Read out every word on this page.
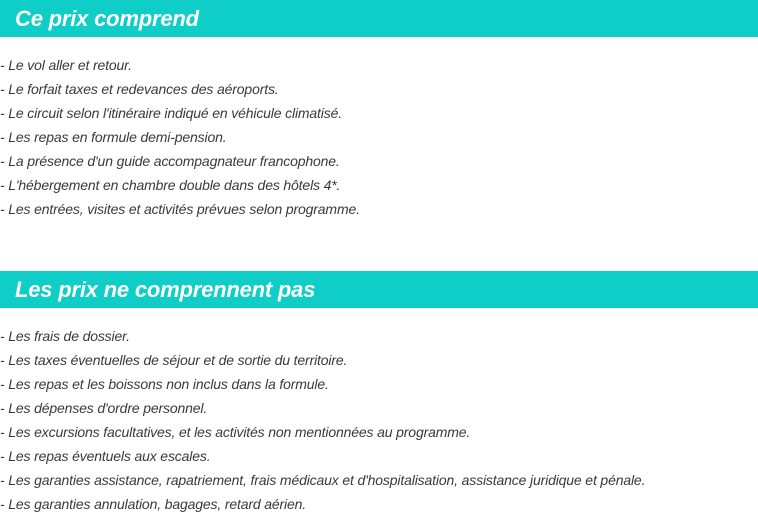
Ce prix comprend
- Le vol aller et retour.
- Le forfait taxes et redevances des aéroports.
- Le circuit selon l'itinéraire indiqué en véhicule climatisé.
- Les repas en formule demi-pension.
- La présence d'un guide accompagnateur francophone.
- L'hébergement en chambre double dans des hôtels 4*.
- Les entrées, visites et activités prévues selon programme.
Les prix ne comprennent pas
- Les frais de dossier.
- Les taxes éventuelles de séjour et de sortie du territoire.
- Les repas et les boissons non inclus dans la formule.
- Les dépenses d'ordre personnel.
- Les excursions facultatives, et les activités non mentionnées au programme.
- Les repas éventuels aux escales.
- Les garanties assistance, rapatriement, frais médicaux et d'hospitalisation, assistance juridique et pénale.
- Les garanties annulation, bagages, retard aérien.
